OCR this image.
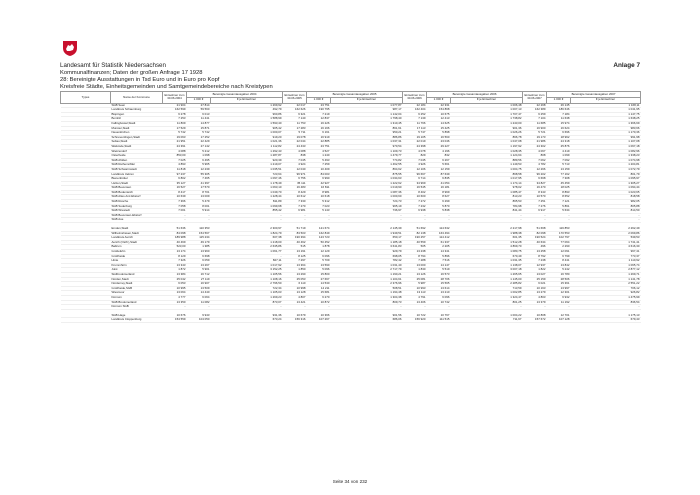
Landesamt für Statistik Niedersachsen
Kommunalfinanzen; Daten der großen Anfrage 17 1928
28: Bereinigte Ausstattungen in Tsd Euro und in Euro pro Kopf
Kreisfreie Städte, Einheitsgemeinden und Samtgemeindebereiche nach Kreistypen
Anlage 7
Typus	Name der Kommune	Einwohner zum 30.06.2004	Bereinigte Gesamtausgaben 2004		Einwohner zum 30.06.2005	Bereinigte Gesamtausgaben 2005		Einwohner zum 30.06.2006	Bereinigte Gesamtausgaben 2006		Einwohner zum 30.06.2007	Bereinigte Gesamtausgaben 2007	
			1.000 €	€ je Einwohner		1.000 €	€ je Einwohner		1.000 €	€ je Einwohner		1.000 €	€ je Einwohner
	SGB Seen	21 904	27 814	1 269,92	22 017	23 751	1 077,87	22 184	22 331	1 006,48	22 268	26 145	1 168,11
	Landkreis Schaumburg	162 599	59 560	492,79	162 626	190 795	987,17	162 404	154 868	1 007,13	162 389	186 646	1 041,95
	Bispingen	6 278	6 013	960,86	6 321	7 219	1 142,04	6 252	10 675	1 707,47	6 259	7 184	1 147,75
	Bomlitz	7 253	11 441	1 588,99	7 140	12 837	1 798,40	7 139	12 413	1 738,82	7 104	11 638	1 638,25
	Fallingbostel,Stadt	11 809	14 877	1 593,40	11 753	16 226	1 310,45	11 766	14 625	1 243,00	11 685	15 974	1 366,69
	Munster,Stadt	17 529	15 871	905,42	17 283	16 166	861,61	17 113	15 425	901,36	16 900	16 624	983,66
	Neuenkirchen	5 742	5 742	1 000,07	5 711	6 161	950,21	5 747	5 898	1 026,26	5 721	6 696	1 170,36
	Schneverdingen,Stadt	19 063	17 252	919,20	19 078	16 919	886,86	19 105	16 560	866,78	19 173	18 962	991,98
	Soltau,Stadt	21 951	22 429	1 021,36	22 044	22 885	1 037,31	22 019	23 046	1 047,08	21 986	24 318	1 107,08
	Walsrode,Stadt	24 391	27 142	1 112,82	24 433	23 751	970,54	24 398	29 227	1 197,92	24 302	25 876	1 067,18
	Wietzendorf	4 088	5 212	1 292,43	4 088	4 527	1 109,73	4 078	4 196	1 028,35	4 067	4 419	1 082,96
	Osterheide	853,00	1 098	1 287,87	838	1 240	1 479,77	829	832	1 124,64	808	1 099	1 338,23
	SGB Ahlden	7 025	6 495	920,39	7 045	5 493	774,82	7 045	6 267	889,56	7 062	7 092	1 074,98
	SGB Rethem/Aller	4 893	5 965	1 219,07	4 924	7 259	1 462,55	4 926	5 661	1 149,53	4 782	5 713	1 204,81
	SGB Schwarmstedt	11 818	12 239	1 035,51	12 040	10 409	864,62	12 106	12 159	1 004,75	12 266	13 159	1 072,79
	Landkreis Uelzen	97 237	55 305	723,64	96 971	84 003	875,55	96 667	87 639	868,58	96 202	77 162	801,79
	Bienenbüttel	6 802	7 465	1 097,46	6 756	6 990	1 034,63	6 714	6 835	1 017,95	6 668	7 308	1 095,97
	Uelzen,Stadt	35 127	41 397	1 178,49	35 111	42 927	1 222,62	34 969	41 054	1 174,14	34 827	45 459	1 305,27
	SGB Bevensen	16 527	17 570	1 063,10	16 483	16 811	1 019,90	16 545	16 181	978,02	16 470	18 025	1 094,44
	SGB Bodenteich	8 417	8 701	1 049,70	8 429	8 981	1 087,36	8 402	8 969	1 085,47	8 343	8 893	1 023,65
	SGB Altes Amt Ebstorf	10 639	13 009	1 228,44	10 612	10 618	1 000,60	10 600	8 627	813,23	10 570	8 652	818,58
	SGB Rosche	7 366	5 479	811,89	7 330	5 312	724,73	7 272	6 299	865,53	7 251	7 121	982,05
	SGB Suderburg	7 058	8 001	1 099,68	7 270	7 023	965,19	7 232	5 870	784,98	7 276	5 861	805,88
	SGB Wrestedt	7 001	5 914	855,42	6 981	5 143	736,97	6 938	5 838	841,44	6 917	5 634	814,50
	SGB Bevensen-Ebstorf	-	-	-	-	-	-	-	-	-	-	-	-
	SGB Aue	-	-	-	-	-	-	-	-	-	-	-	-

	Emden,Stadt	51 636	110 353	2 300,97	51 719	121 674	2 145,39	51 692	114 632	2 217,98	51 668	116 853	2 262,49
	Wilhelmshaven,Stadt	84 098	154 567	1 824,79	83 503	162 849	1 949,51	82 138	163 494	1 988,38	82 098	170 553	2 069,86
	Landkreis Aurich	189 988	115 234	607,38	190 394	123 723	650,17	190 257	114 412	601,35	190 524	102 797	539,53
	Aurich (Ostfr.),Stadt	40 469	49 179	1 218,00	40 462	50 452	1 185,18	40 559	61 337	1 512,28	40 634	77 064	1 741,41
	Baltrum	523,00	1 385	2 635,86	515	1 878	3 641,83	505	2 205	4 869,70	496	2 290	4 616,30
	Großefehn	13 174	13 960	1 061,77	13 191	12 129	929,79	13 238	14 341	1 080,75	13 258	12 091	967,41
	Großheide	8 129	6 698	-	8 125	6 096	698,05	8 794	5 896	670,49	8 792	6 799	773,37
	Hinte	7 326	6 059	827,11	7 297	5 709	782,42	7 288	7 516	1 031,35	7 238	8 441	1 110,92
	Krummhörn	13 343	13 267	1 017,92	13 364	13 590	1 031,40	13 000	14 147	1 138,07	12 937	13 842	1 065,74
	Juist	1 872	5 901	3 152,25	1 850	5 096	2 717,79	1 830	5 519	3 007,18	1 822	5 242	2 877,12
	Südbrookmerland	13 384	16 712	1 105,56	13 290	15 800	1 190,21	13 126	16 573	1 265,65	13 027	16 780	1 269,71
	Norden,Stadt	25 042	27 119	1 108,16	25 053	27 667	1 104,61	25 081	28 706	1 145,00	25 159	28 506	1 141,78
	Norderney,Stadt	6 053	16 907	2 796,50	6 110	14 530	2 376,96	5 987	15 565	2 285,82	6 021	15 361	2 551,22
	Großheide,SGB	10 995	13 509	722,34	10 998	14 211	508,51	10 993	13 614	713,59	10 163	13 997	706,12
	Wiesmoor	13 064	14 440	1 105,03	13 128	15 681	1 194,48	13 113	13 210	1 002,85	13 279	12 301	926,82
	Dornum	4 777	6 064	1 269,23	4 807	6 270	1 304,38	4 791	6 096	1 324,47	4 803	6 932	1 475,99
	SGB Brookmerland	13 350	11 082	873,07	13 421	10 872	809,73	13 406	10 742	801,25	13 379	11 192	836,54
	Dornum SGB	-	-	-	-	-	-	-	-	-	-	-	-

	SGB Hage	10 676	9 943	931,36	10 679	10 366	901,56	10 722	10 767	1 004,22	10 808	12 701	1 175,13
	Landkreis Cloppenburg	154 559	104 050	673,24	156 316	107 267	686,06	156 920	111 515	711,67	157 672	107 128	679,43
Seite 34 von 232
